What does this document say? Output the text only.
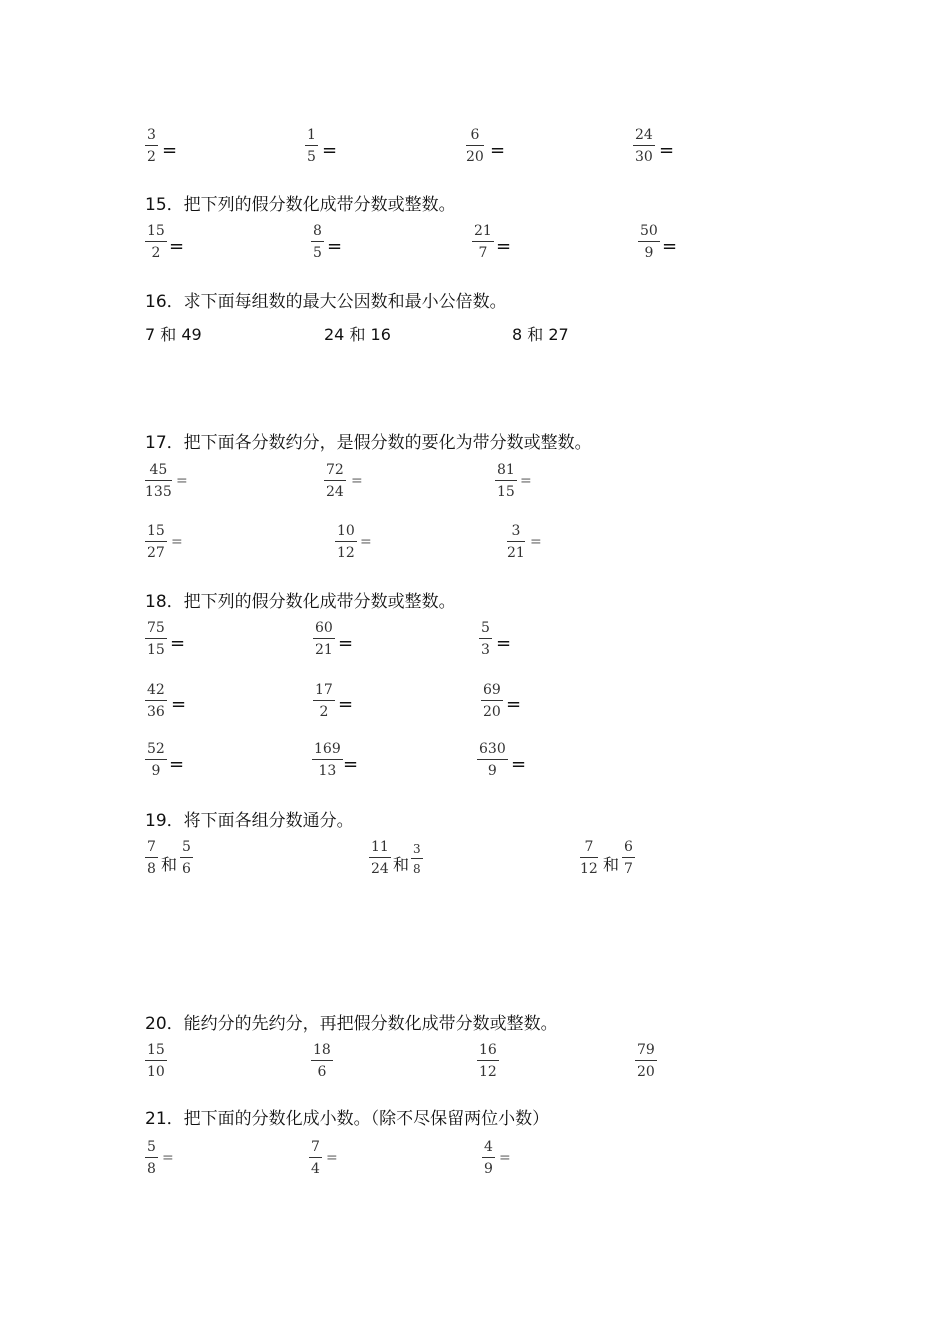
3
2 =
1
5 =
6
20 =
24
30 =
15．把下列的假分数化成带分数或整数。
15
2 =
8
5 =
21
7 =
50
9 =
16．求下面每组数的最大公因数和最小公倍数。
7 和 49	24 和 16	8 和 27
17．把下面各分数约分，是假分数的要化为带分数或整数。
45
135
=
72
24
=
81
15
=
15
27
=
10
12
=
3
21
=
18．把下列的假分数化成带分数或整数。
75
15 =
60
21 =
5
3 =
42
36 =
17
2 =
69
20 =
52
9 =
169
13 =
630
9 =
19．将下面各组分数通分。
7
8 和
5
6
11
24 和
3
8
7
12 和
6
7
20．能约分的先约分，再把假分数化成带分数或整数。
15
10
18
6
16
12
79
20
21．把下面的分数化成小数。（除不尽保留两位小数）
5
8
=
7
4
=
4
9
=
